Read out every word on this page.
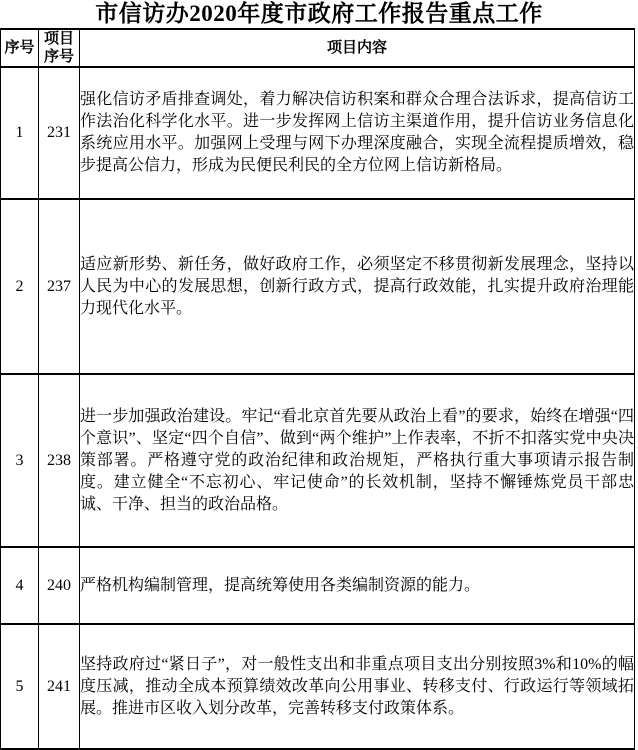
市信访办2020年度市政府工作报告重点工作
序号	项目序号	项目内容
1	231	强化信访矛盾排查调处，着力解决信访积案和群众合理合法诉求，提高信访工作法治化科学化水平。进一步发挥网上信访主渠道作用，提升信访业务信息化系统应用水平。加强网上受理与网下办理深度融合，实现全流程提质增效，稳步提高公信力，形成为民便民利民的全方位网上信访新格局。
2	237	适应新形势、新任务，做好政府工作，必须坚定不移贯彻新发展理念，坚持以人民为中心的发展思想，创新行政方式，提高行政效能，扎实提升政府治理能力现代化水平。
3	238	进一步加强政治建设。牢记“看北京首先要从政治上看”的要求，始终在增强“四个意识”、坚定“四个自信”、做到“两个维护”上作表率，不折不扣落实党中央决策部署。严格遵守党的政治纪律和政治规矩，严格执行重大事项请示报告制度。建立健全“不忘初心、牢记使命”的长效机制，坚持不懈锤炼党员干部忠诚、干净、担当的政治品格。
4	240	严格机构编制管理，提高统筹使用各类编制资源的能力。
5	241	坚持政府过“紧日子”，对一般性支出和非重点项目支出分别按照3%和10%的幅度压减，推动全成本预算绩效改革向公用事业、转移支付、行政运行等领域拓展。推进市区收入划分改革，完善转移支付政策体系。
